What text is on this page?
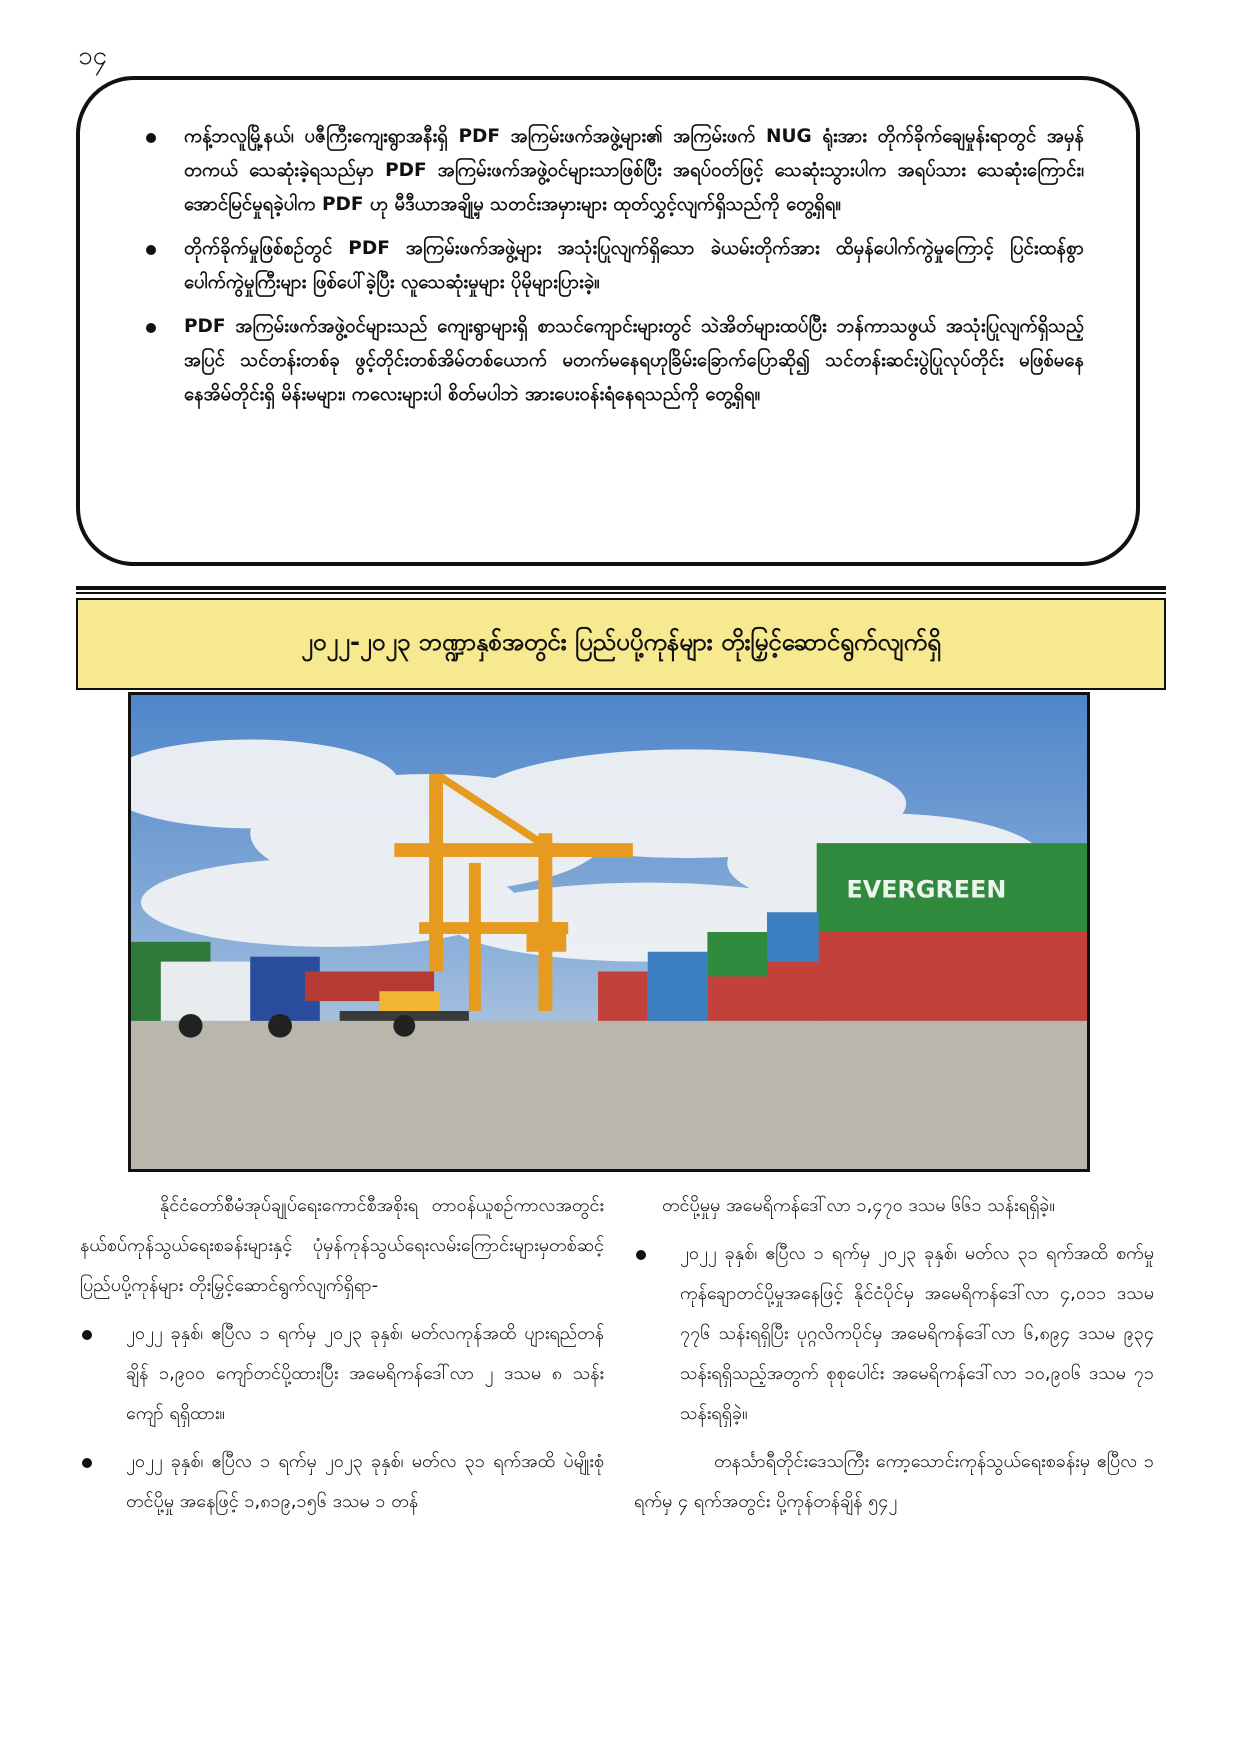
၁၄
ကန့်ဘလူမြို့နယ်၊ ပဇီကြီးကျေးရွာအနီးရှိ PDF အကြမ်းဖက်အဖွဲ့များ၏ အကြမ်းဖက် NUG ရုံးအား တိုက်ခိုက်ချေမှုန်းရာတွင် အမှန်တကယ် သေဆုံးခဲ့ရသည်မှာ PDF အကြမ်းဖက်အဖွဲ့ဝင်များသာဖြစ်ပြီး အရပ်ဝတ်ဖြင့် သေဆုံးသွားပါက အရပ်သား သေဆုံးကြောင်း၊ အောင်မြင်မှုရခဲ့ပါက PDF ဟု မီဒီယာအချို့မှ သတင်းအမှားများ ထုတ်လွှင့်လျက်ရှိသည်ကို တွေ့ရှိရ။
တိုက်ခိုက်မှုဖြစ်စဉ်တွင် PDF အကြမ်းဖက်အဖွဲ့များ အသုံးပြုလျက်ရှိသော ခဲယမ်းတိုက်အား ထိမှန်ပေါက်ကွဲမှုကြောင့် ပြင်းထန်စွာ ပေါက်ကွဲမှုကြီးများ ဖြစ်ပေါ်ခဲ့ပြီး လူသေဆုံးမှုများ ပိုမိုများပြားခဲ့။
PDF အကြမ်းဖက်အဖွဲ့ဝင်များသည် ကျေးရွာများရှိ စာသင်ကျောင်းများတွင် သဲအိတ်များထပ်ပြီး ဘန်ကာသဖွယ် အသုံးပြုလျက်ရှိသည့်အပြင် သင်တန်းတစ်ခု ဖွင့်တိုင်းတစ်အိမ်တစ်ယောက် မတက်မနေရဟုခြိမ်းခြောက်ပြောဆို၍ သင်တန်းဆင်းပွဲပြုလုပ်တိုင်း မဖြစ်မနေ နေအိမ်တိုင်းရှိ မိန်းမများ၊ ကလေးများပါ စိတ်မပါဘဲ အားပေးဝန်းရံနေရသည်ကို တွေ့ရှိရ။
၂၀၂၂-၂၀၂၃ ဘဏ္ဍာနှစ်အတွင်း ပြည်ပပို့ကုန်များ တိုးမြှင့်ဆောင်ရွက်လျက်ရှိ
EVERGREEN

နိုင်ငံတော်စီမံအုပ်ချုပ်ရေးကောင်စီအစိုးရ တာဝန်ယူစဉ်ကာလအတွင်း နယ်စပ်ကုန်သွယ်ရေးစခန်းများနှင့် ပုံမှန်ကုန်သွယ်ရေးလမ်းကြောင်းများမှတစ်ဆင့် ပြည်ပပို့ကုန်များ တိုးမြှင့်ဆောင်ရွက်လျက်ရှိရာ-

၂၀၂၂ ခုနှစ်၊ ဧပြီလ ၁ ရက်မှ ၂၀၂၃ ခုနှစ်၊ မတ်လကုန်အထိ ပျားရည်တန်ချိန် ၁,၉၀၀ ကျော်တင်ပို့ထားပြီး အမေရိကန်ဒေါ်လာ ၂ ဒသမ ၈ သန်းကျော် ရရှိထား။
၂၀၂၂ ခုနှစ်၊ ဧပြီလ ၁ ရက်မှ ၂၀၂၃ ခုနှစ်၊ မတ်လ ၃၁ ရက်အထိ ပဲမျိုးစုံတင်ပို့မှု အနေဖြင့် ၁,၈၁၉,၁၅၆ ဒသမ ၁ တန်

တင်ပို့မှုမှ အမေရိကန်ဒေါ်လာ ၁,၄၇၀ ဒသမ ၆၆၁ သန်းရရှိခဲ့။

၂၀၂၂ ခုနှစ်၊ ဧပြီလ ၁ ရက်မှ ၂၀၂၃ ခုနှစ်၊ မတ်လ ၃၁ ရက်အထိ စက်မှုကုန်ချောတင်ပို့မှုအနေဖြင့် နိုင်ငံပိုင်မှ အမေရိကန်ဒေါ်လာ ၄,၀၁၁ ဒသမ ၇၇၆ သန်းရရှိပြီး ပုဂ္ဂလိကပိုင်မှ အမေရိကန်ဒေါ်လာ ၆,၈၉၄ ဒသမ ၉၃၄ သန်းရရှိသည့်အတွက် စုစုပေါင်း အမေရိကန်ဒေါ်လာ ၁၀,၉၀၆ ဒသမ ၇၁ သန်းရရှိခဲ့။

တနင်္သာရီတိုင်းဒေသကြီး ကော့သောင်းကုန်သွယ်ရေးစခန်းမှ ဧပြီလ ၁ ရက်မှ ၄ ရက်အတွင်း ပို့ကုန်တန်ချိန် ၅၄၂
